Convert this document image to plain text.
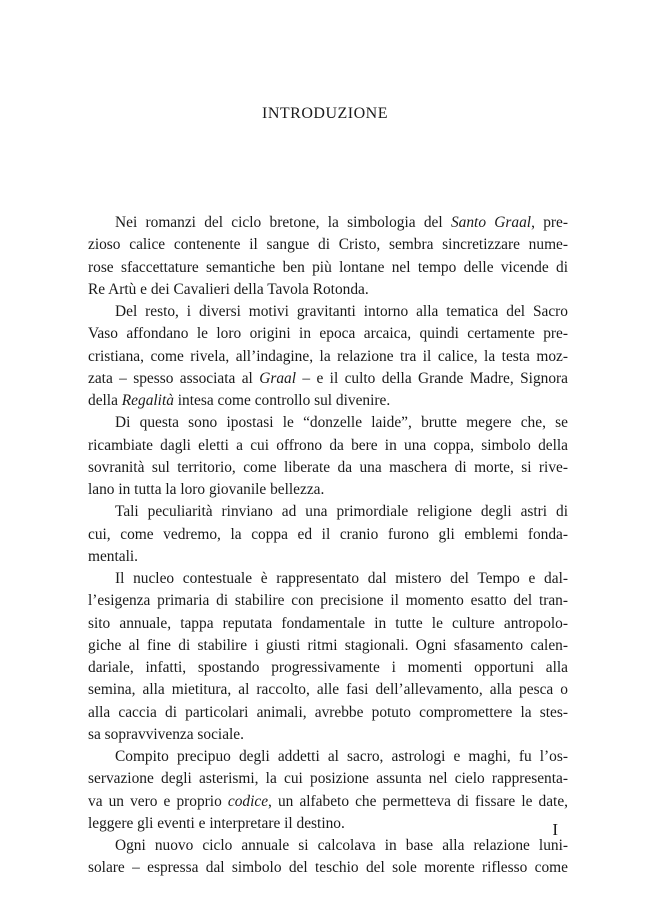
INTRODUZIONE

Nei romanzi del ciclo bretone, la simbologia del Santo Graal, pre-
zioso calice contenente il sangue di Cristo, sembra sincretizzare nume-
rose sfaccettature semantiche ben più lontane nel tempo delle vicende di
Re Artù e dei Cavalieri della Tavola Rotonda.

Del resto, i diversi motivi gravitanti intorno alla tematica del Sacro
Vaso affondano le loro origini in epoca arcaica, quindi certamente pre-
cristiana, come rivela, all’indagine, la relazione tra il calice, la testa moz-
zata – spesso associata al Graal – e il culto della Grande Madre, Signora
della Regalità intesa come controllo sul divenire.

Di questa sono ipostasi le “donzelle laide”, brutte megere che, se
ricambiate dagli eletti a cui offrono da bere in una coppa, simbolo della
sovranità sul territorio, come liberate da una maschera di morte, si rive-
lano in tutta la loro giovanile bellezza.

Tali peculiarità rinviano ad una primordiale religione degli astri di
cui, come vedremo, la coppa ed il cranio furono gli emblemi fonda-
mentali.

Il nucleo contestuale è rappresentato dal mistero del Tempo e dal-
l’esigenza primaria di stabilire con precisione il momento esatto del tran-
sito annuale, tappa reputata fondamentale in tutte le culture antropolo-
giche al fine di stabilire i giusti ritmi stagionali. Ogni sfasamento calen-
dariale, infatti, spostando progressivamente i momenti opportuni alla
semina, alla mietitura, al raccolto, alle fasi dell’allevamento, alla pesca o
alla caccia di particolari animali, avrebbe potuto compromettere la stes-
sa sopravvivenza sociale.

Compito precipuo degli addetti al sacro, astrologi e maghi, fu l’os-
servazione degli asterismi, la cui posizione assunta nel cielo rappresenta-
va un vero e proprio codice, un alfabeto che permetteva di fissare le date,
leggere gli eventi e interpretare il destino.

Ogni nuovo ciclo annuale si calcolava in base alla relazione luni-
solare – espressa dal simbolo del teschio del sole morente riflesso come

I
